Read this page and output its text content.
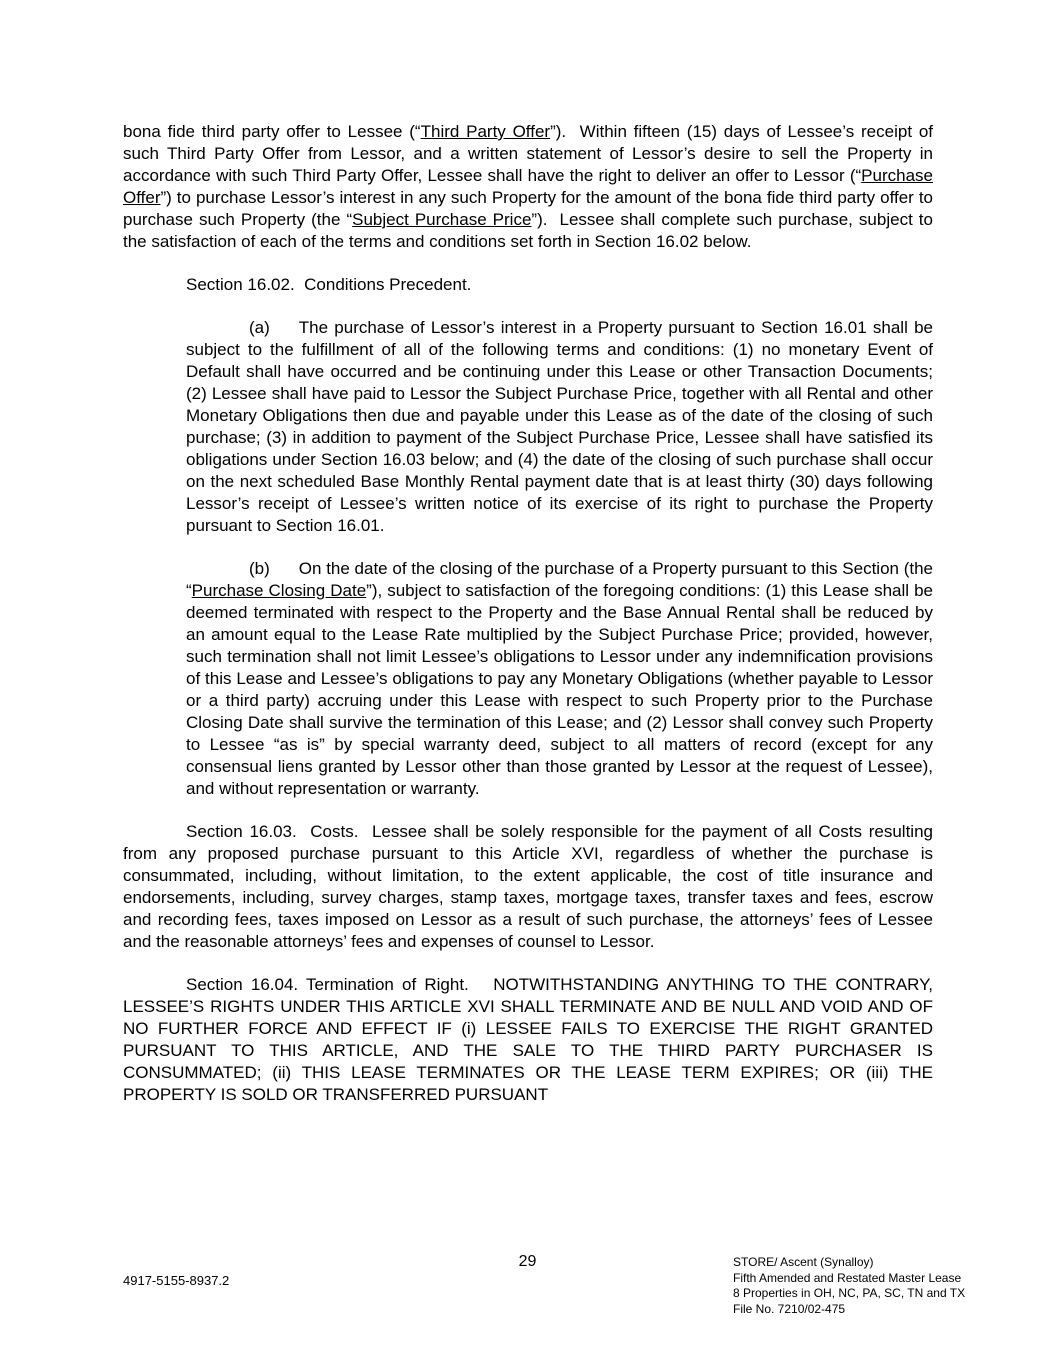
bona fide third party offer to Lessee (“Third Party Offer”).  Within fifteen (15) days of Lessee’s receipt of such Third Party Offer from Lessor, and a written statement of Lessor’s desire to sell the Property in accordance with such Third Party Offer, Lessee shall have the right to deliver an offer to Lessor (“Purchase Offer”) to purchase Lessor’s interest in any such Property for the amount of the bona fide third party offer to purchase such Property (the “Subject Purchase Price”).  Lessee shall complete such purchase, subject to the satisfaction of each of the terms and conditions set forth in Section 16.02 below.

Section 16.02.  Conditions Precedent.

(a) The purchase of Lessor’s interest in a Property pursuant to Section 16.01 shall be subject to the fulfillment of all of the following terms and conditions: (1) no monetary Event of Default shall have occurred and be continuing under this Lease or other Transaction Documents; (2) Lessee shall have paid to Lessor the Subject Purchase Price, together with all Rental and other Monetary Obligations then due and payable under this Lease as of the date of the closing of such purchase; (3) in addition to payment of the Subject Purchase Price, Lessee shall have satisfied its obligations under Section 16.03 below; and (4) the date of the closing of such purchase shall occur on the next scheduled Base Monthly Rental payment date that is at least thirty (30) days following Lessor’s receipt of Lessee’s written notice of its exercise of its right to purchase the Property pursuant to Section 16.01.

(b) On the date of the closing of the purchase of a Property pursuant to this Section (the “Purchase Closing Date”), subject to satisfaction of the foregoing conditions: (1) this Lease shall be deemed terminated with respect to the Property and the Base Annual Rental shall be reduced by an amount equal to the Lease Rate multiplied by the Subject Purchase Price; provided, however, such termination shall not limit Lessee’s obligations to Lessor under any indemnification provisions of this Lease and Lessee’s obligations to pay any Monetary Obligations (whether payable to Lessor or a third party) accruing under this Lease with respect to such Property prior to the Purchase Closing Date shall survive the termination of this Lease; and (2) Lessor shall convey such Property to Lessee “as is” by special warranty deed, subject to all matters of record (except for any consensual liens granted by Lessor other than those granted by Lessor at the request of Lessee), and without representation or warranty.

Section 16.03.  Costs.  Lessee shall be solely responsible for the payment of all Costs resulting from any proposed purchase pursuant to this Article XVI, regardless of whether the purchase is consummated, including, without limitation, to the extent applicable, the cost of title insurance and endorsements, including, survey charges, stamp taxes, mortgage taxes, transfer taxes and fees, escrow and recording fees, taxes imposed on Lessor as a result of such purchase, the attorneys’ fees of Lessee and the reasonable attorneys’ fees and expenses of counsel to Lessor.

Section 16.04. Termination of Right.   NOTWITHSTANDING ANYTHING TO THE CONTRARY, LESSEE’S RIGHTS UNDER THIS ARTICLE XVI SHALL TERMINATE AND BE NULL AND VOID AND OF NO FURTHER FORCE AND EFFECT IF (i) LESSEE FAILS TO EXERCISE THE RIGHT GRANTED PURSUANT TO THIS ARTICLE, AND THE SALE TO THE THIRD PARTY PURCHASER IS CONSUMMATED; (ii) THIS LEASE TERMINATES OR THE LEASE TERM EXPIRES; OR (iii) THE PROPERTY IS SOLD OR TRANSFERRED PURSUANT

29
4917-5155-8937.2
STORE/ Ascent (Synalloy)
Fifth Amended and Restated Master Lease
8 Properties in OH, NC, PA, SC, TN and TX
File No. 7210/02-475
